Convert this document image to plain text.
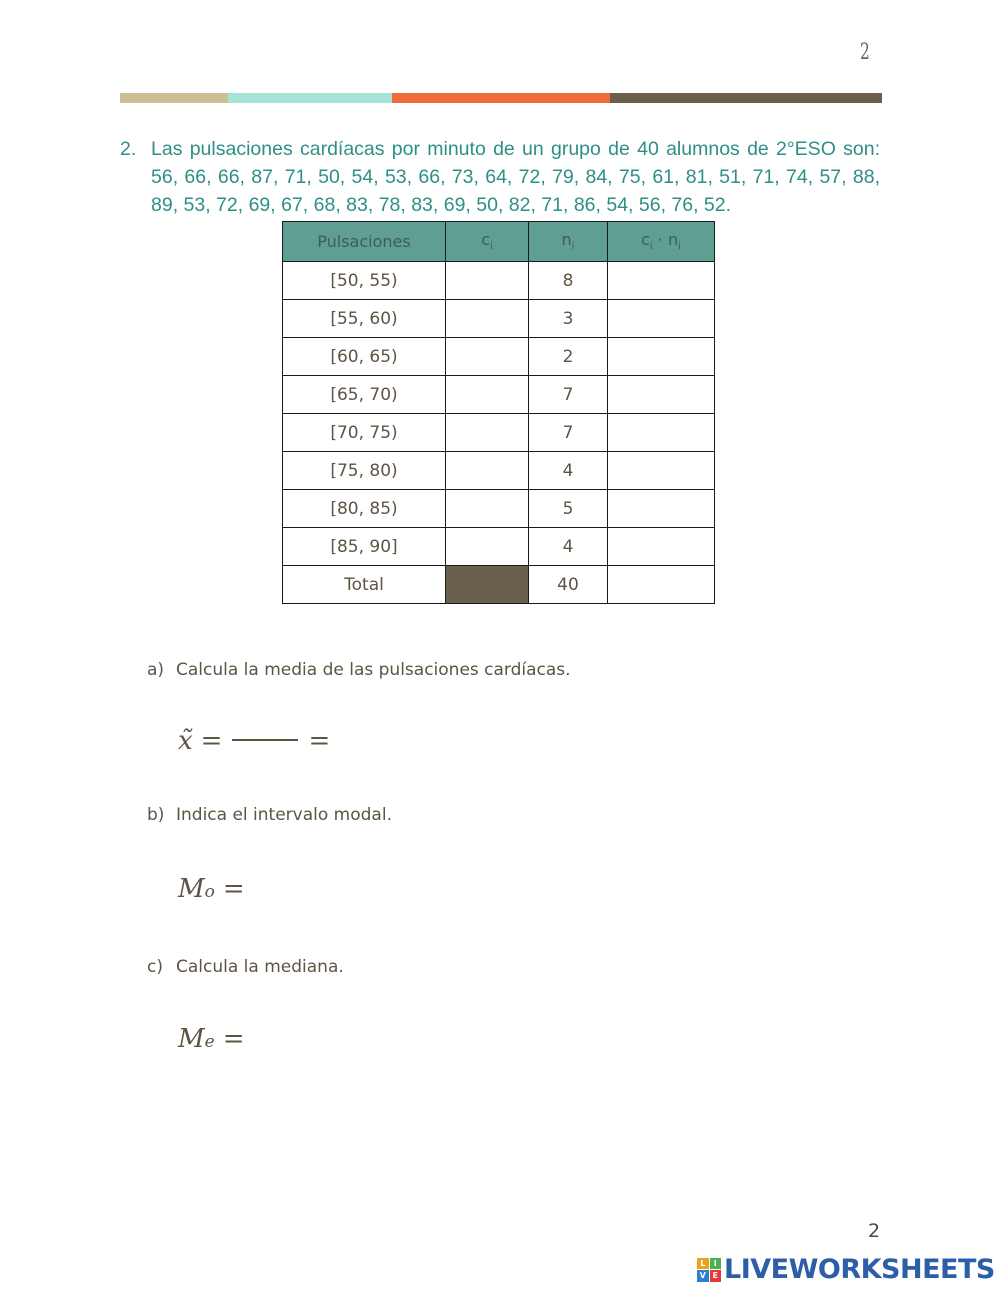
2
2. Las pulsaciones cardíacas por minuto de un grupo de 40 alumnos de 2°ESO son: 56, 66, 66, 87, 71, 50, 54, 53, 66, 73, 64, 72, 79, 84, 75, 61, 81, 51, 71, 74, 57, 88, 89, 53, 72, 69, 67, 68, 83, 78, 83, 69, 50, 82, 71, 86, 54, 56, 76, 52.
Pulsaciones	$c_i$	$n_i$	$c_i \cdot n_i$
[50, 55)		8	
[55, 60)		3	
[60, 65)		2	
[65, 70)		7	
[70, 75)		7	
[75, 80)		4	
[80, 85)		5	
[85, 90]		4	
Total		40	
a) Calcula la media de las pulsaciones cardíacas.
x̃ =	=
b) Indica el intervalo modal.
M o =
c) Calcula la mediana.
M e =
2
L	I
V E LIVEWORKSHEETS
